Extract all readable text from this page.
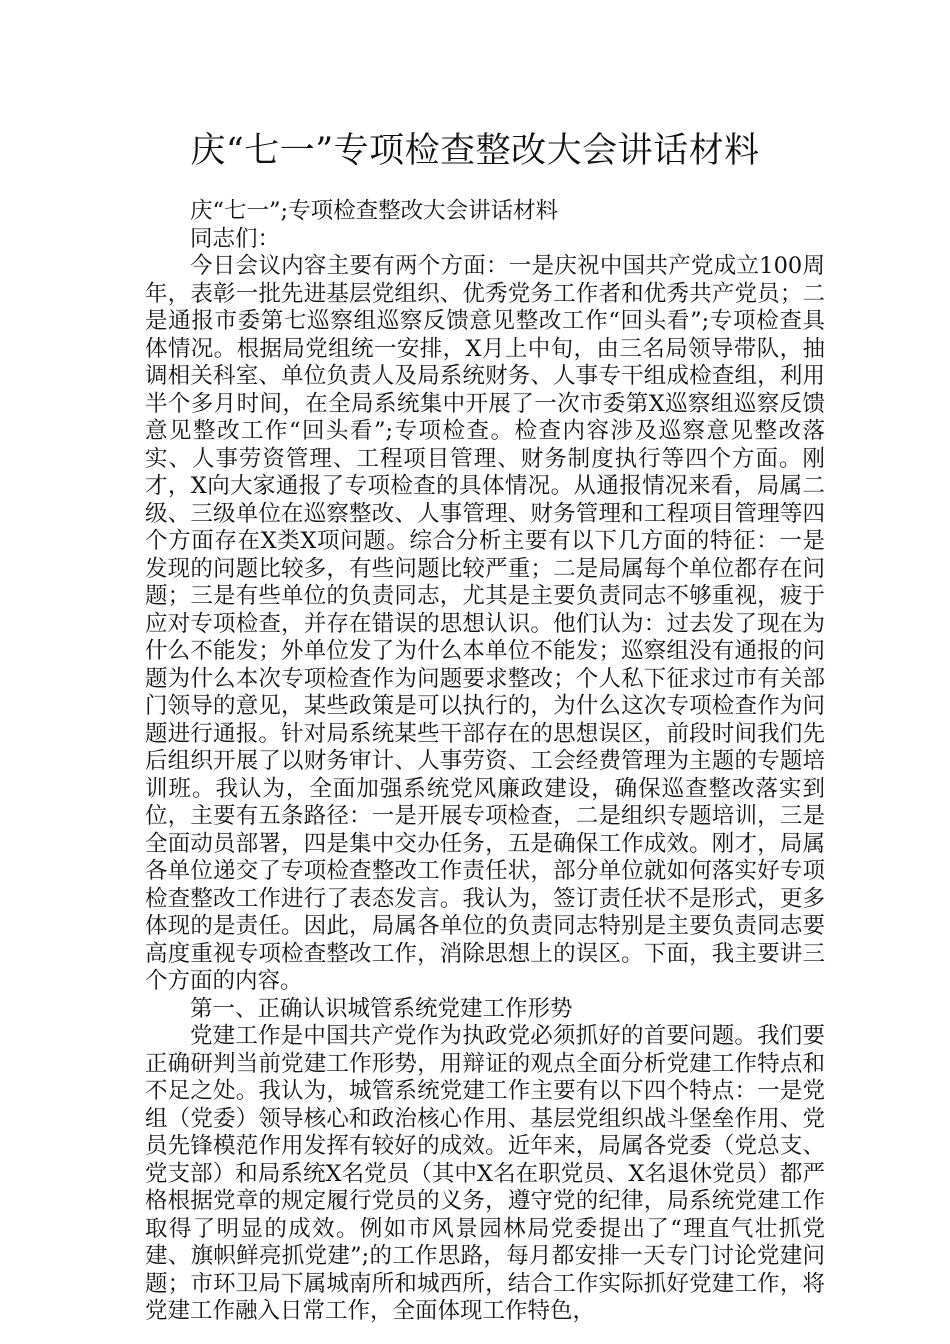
庆“七一”专项检查整改大会讲话材料

庆“七一”;专项检查整改大会讲话材料

同志们：

今日会议内容主要有两个方面：一是庆祝中国共产党成立100周年，表彰一批先进基层党组织、优秀党务工作者和优秀共产党员；二是通报市委第七巡察组巡察反馈意见整改工作“回头看”;专项检查具体情况。根据局党组统一安排，X月上中旬，由三名局领导带队，抽调相关科室、单位负责人及局系统财务、人事专干组成检查组，利用半个多月时间，在全局系统集中开展了一次市委第X巡察组巡察反馈意见整改工作“回头看”;专项检查。检查内容涉及巡察意见整改落实、人事劳资管理、工程项目管理、财务制度执行等四个方面。刚才，X向大家通报了专项检查的具体情况。从通报情况来看，局属二级、三级单位在巡察整改、人事管理、财务管理和工程项目管理等四个方面存在X类X项问题。综合分析主要有以下几方面的特征：一是发现的问题比较多，有些问题比较严重；二是局属每个单位都存在问题；三是有些单位的负责同志，尤其是主要负责同志不够重视，疲于应对专项检查，并存在错误的思想认识。他们认为：过去发了现在为什么不能发；外单位发了为什么本单位不能发；巡察组没有通报的问题为什么本次专项检查作为问题要求整改；个人私下征求过市有关部门领导的意见，某些政策是可以执行的，为什么这次专项检查作为问题进行通报。针对局系统某些干部存在的思想误区，前段时间我们先后组织开展了以财务审计、人事劳资、工会经费管理为主题的专题培训班。我认为，全面加强系统党风廉政建设，确保巡查整改落实到位，主要有五条路径：一是开展专项检查，二是组织专题培训，三是全面动员部署，四是集中交办任务，五是确保工作成效。刚才，局属各单位递交了专项检查整改工作责任状，部分单位就如何落实好专项检查整改工作进行了表态发言。我认为，签订责任状不是形式，更多体现的是责任。因此，局属各单位的负责同志特别是主要负责同志要高度重视专项检查整改工作，消除思想上的误区。下面，我主要讲三个方面的内容。

第一、正确认识城管系统党建工作形势

党建工作是中国共产党作为执政党必须抓好的首要问题。我们要正确研判当前党建工作形势，用辩证的观点全面分析党建工作特点和不足之处。我认为，城管系统党建工作主要有以下四个特点：一是党组（党委）领导核心和政治核心作用、基层党组织战斗堡垒作用、党员先锋模范作用发挥有较好的成效。近年来，局属各党委（党总支、党支部）和局系统X名党员（其中X名在职党员、X名退休党员）都严格根据党章的规定履行党员的义务，遵守党的纪律，局系统党建工作取得了明显的成效。例如市风景园林局党委提出了“理直气壮抓党建、旗帜鲜亮抓党建”;的工作思路，每月都安排一天专门讨论党建问题；市环卫局下属城南所和城西所，结合工作实际抓好党建工作，将党建工作融入日常工作，全面体现工作特色，
